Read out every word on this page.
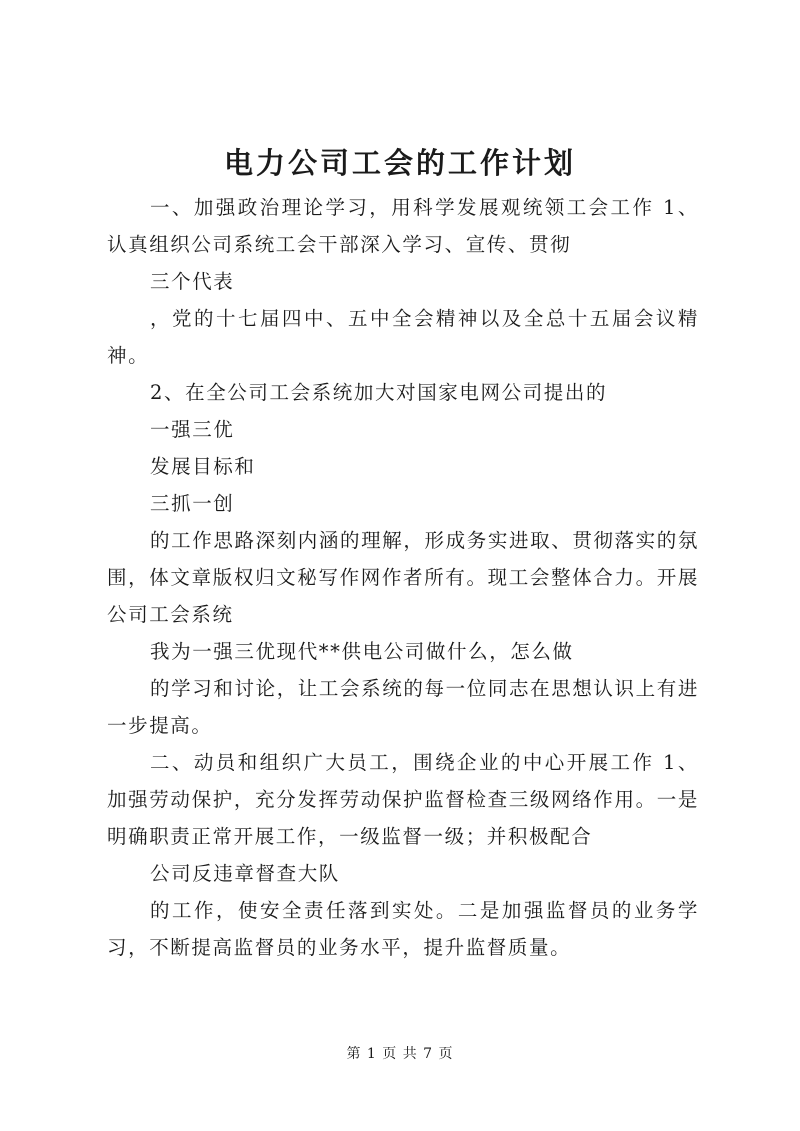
电力公司工会的工作计划

一、加强政治理论学习，用科学发展观统领工会工作 1、认真组织公司系统工会干部深入学习、宣传、贯彻

三个代表

，党的十七届四中、五中全会精神以及全总十五届会议精神。

2、在全公司工会系统加大对国家电网公司提出的

一强三优

发展目标和

三抓一创

的工作思路深刻内涵的理解，形成务实进取、贯彻落实的氛围，体文章版权归文秘写作网作者所有。现工会整体合力。开展公司工会系统

我为一强三优现代**供电公司做什么，怎么做

的学习和讨论，让工会系统的每一位同志在思想认识上有进一步提高。

二、动员和组织广大员工，围绕企业的中心开展工作 1、加强劳动保护，充分发挥劳动保护监督检查三级网络作用。一是明确职责正常开展工作，一级监督一级；并积极配合

公司反违章督查大队

的工作，使安全责任落到实处。二是加强监督员的业务学习，不断提高监督员的业务水平，提升监督质量。

第 1 页 共 7 页
